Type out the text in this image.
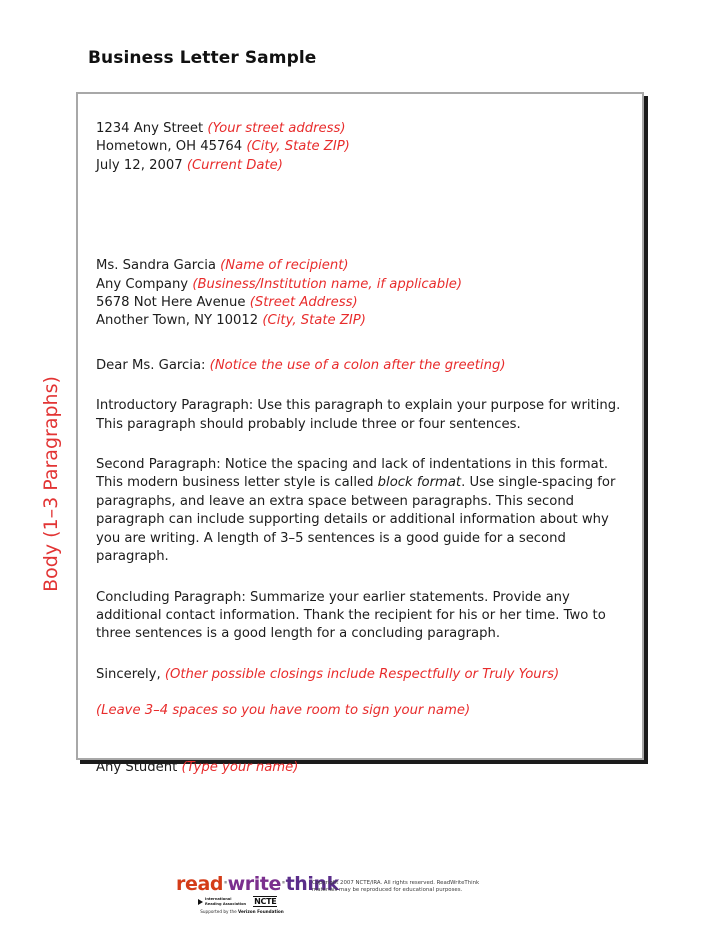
Business Letter Sample
Body (1–3 Paragraphs)
1234 Any Street (Your street address)
Hometown, OH 45764 (City, State ZIP)
July 12, 2007 (Current Date)
Ms. Sandra Garcia (Name of recipient)
Any Company (Business/Institution name, if applicable)
5678 Not Here Avenue (Street Address)
Another Town, NY 10012 (City, State ZIP)
Dear Ms. Garcia: (Notice the use of a colon after the greeting)
Introductory Paragraph: Use this paragraph to explain your purpose for writing. This paragraph should probably include three or four sentences.
Second Paragraph: Notice the spacing and lack of indentations in this format. This modern business letter style is called block format. Use single-spacing for paragraphs, and leave an extra space between paragraphs. This second paragraph can include supporting details or additional information about why you are writing. A length of 3–5 sentences is a good guide for a second paragraph.
Concluding Paragraph: Summarize your earlier statements. Provide any additional contact information. Thank the recipient for his or her time. Two to three sentences is a good length for a concluding paragraph.
Sincerely, (Other possible closings include Respectfully or Truly Yours)
(Leave 3–4 spaces so you have room to sign your name)
Any Student (Type your name)
read·write·think
International
Reading Association NCTE
Supported by the Verizon Foundation
Copyright 2007 NCTE/IRA. All rights reserved. ReadWriteThink
materials may be reproduced for educational purposes.
